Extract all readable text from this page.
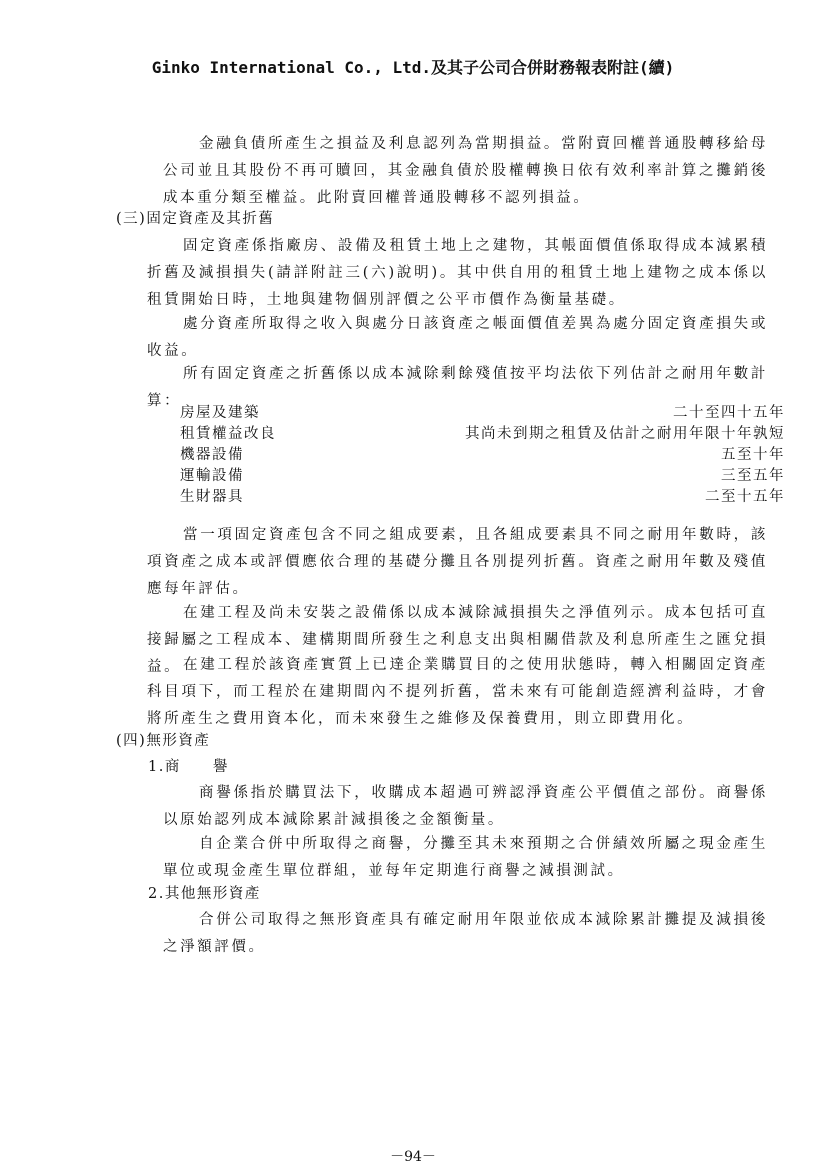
Ginko International Co., Ltd.及其子公司合併財務報表附註(續)
金融負債所產生之損益及利息認列為當期損益。當附賣回權普通股轉移給母公司並且其股份不再可贖回，其金融負債於股權轉換日依有效利率計算之攤銷後成本重分類至權益。此附賣回權普通股轉移不認列損益。
(三)固定資產及其折舊
固定資產係指廠房、設備及租賃土地上之建物，其帳面價值係取得成本減累積折舊及減損損失(請詳附註三(六)說明)。其中供自用的租賃土地上建物之成本係以租賃開始日時，土地與建物個別評價之公平市價作為衡量基礎。
處分資產所取得之收入與處分日該資產之帳面價值差異為處分固定資產損失或收益。
所有固定資產之折舊係以成本減除剩餘殘值按平均法依下列估計之耐用年數計算：
房屋及建築	二十至四十五年
租賃權益改良	其尚未到期之租賃及估計之耐用年限十年孰短
機器設備	五至十年
運輸設備	三至五年
生財器具	二至十五年
當一項固定資產包含不同之組成要素，且各組成要素具不同之耐用年數時，該項資產之成本或評價應依合理的基礎分攤且各別提列折舊。資產之耐用年數及殘值應每年評估。
在建工程及尚未安裝之設備係以成本減除減損損失之淨值列示。成本包括可直接歸屬之工程成本、建構期間所發生之利息支出與相關借款及利息所產生之匯兌損益。 在建工程於該資產實質上已達企業購買目的之使用狀態時，轉入相關固定資產科目項下，而工程於在建期間內不提列折舊，當未來有可能創造經濟利益時，才會將所產生之費用資本化，而未來發生之維修及保養費用，則立即費用化。
(四)無形資產
1.商　　譽
商譽係指於購買法下，收購成本超過可辨認淨資產公平價值之部份。商譽係以原始認列成本減除累計減損後之金額衡量。
自企業合併中所取得之商譽，分攤至其未來預期之合併績效所屬之現金產生單位或現金產生單位群組，並每年定期進行商譽之減損測試。
2.其他無形資產
合併公司取得之無形資產具有確定耐用年限並依成本減除累計攤提及減損後之淨額評價。
－94－
